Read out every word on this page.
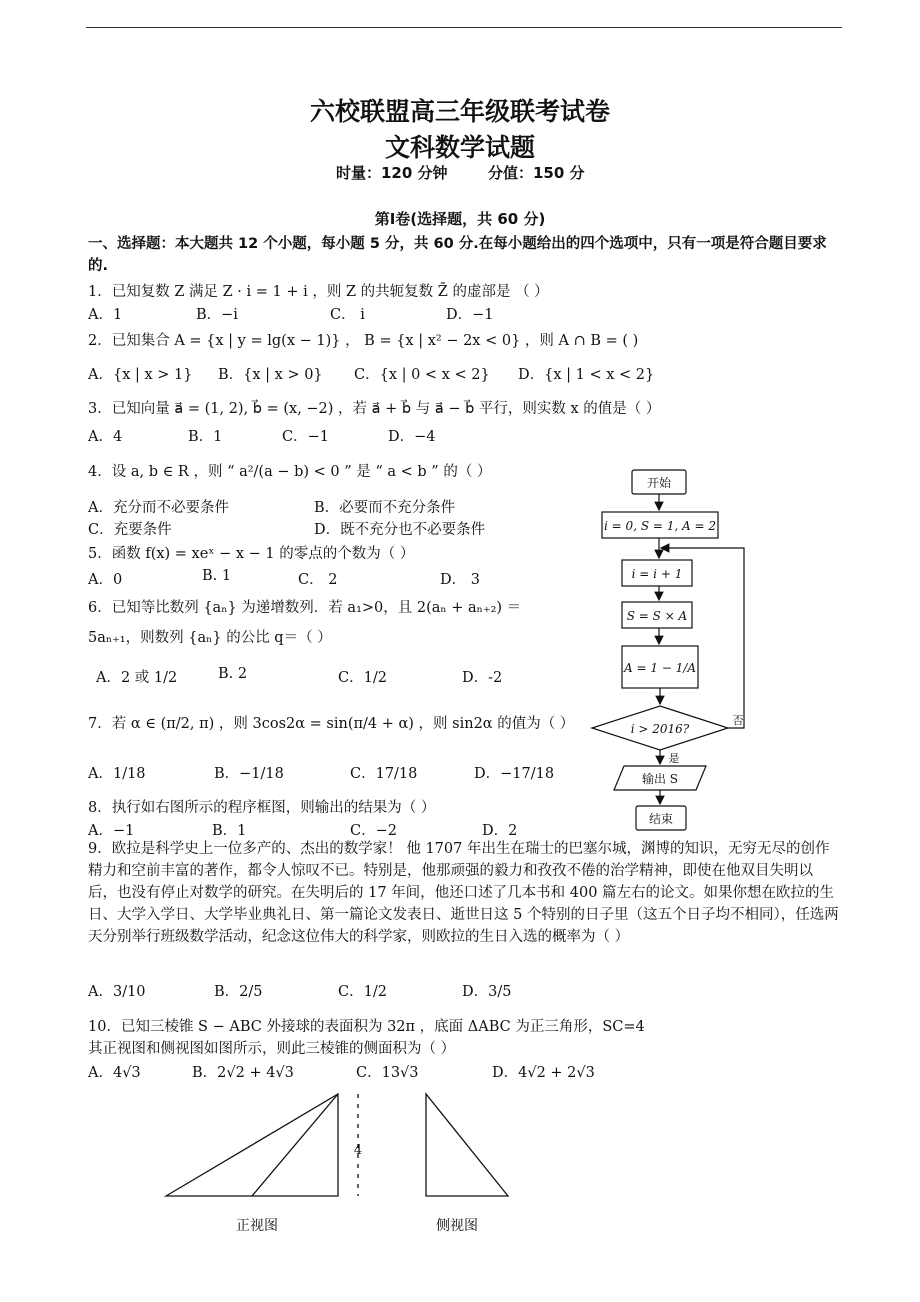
六校联盟高三年级联考试卷
文科数学试题
时量：120 分钟	分值：150 分
第Ⅰ卷(选择题，共 60 分)
一、选择题：本大题共 12 个小题，每小题 5 分，共 60 分.在每小题给出的四个选项中，只有一项是符合题目要求的.
1．已知复数 Z 满足 Z · i = 1 + i ，则 Z 的共轭复数 Z̄ 的虚部是 （ ）
A．1	B．−i	C． i	D．−1
2．已知集合 A = {x | y = lg(x − 1)} ， B = {x | x² − 2x < 0} ，则 A ∩ B = ( )
A．{x | x > 1} B．{x | x > 0} C．{x | 0 < x < 2} D．{x | 1 < x < 2}
3．已知向量 a⃗ = (1, 2), b⃗ = (x, −2) ，若 a⃗ + b⃗ 与 a⃗ − b⃗ 平行，则实数 x 的值是（ ）
A．4	B．1	C．−1	D．−4
4．设 a, b ∈ R ，则 “ a²/(a − b) < 0 ” 是 “ a < b ” 的（ ）
A．充分而不必要条件	B．必要而不充分条件
C．充要条件	D．既不充分也不必要条件
5．函数 f(x) = xeˣ − x − 1 的零点的个数为（ ）
A．0	B. 1	C． 2	D． 3
6．已知等比数列 {aₙ} 为递增数列．若 a₁>0，且 2(aₙ + aₙ₊₂) ＝
5aₙ₊₁，则数列 {aₙ} 的公比 q＝（ ）
A．2 或 1/2	B. 2	C．1/2	D．-2
7．若 α ∈ (π/2, π) ，则 3cos2α = sin(π/4 + α) ，则 sin2α 的值为（ ）
A．1/18	B．−1/18	C．17/18	D．−17/18
8．执行如右图所示的程序框图，则输出的结果为（ ）
A．−1	B．1	C．−2	D．2
9．欧拉是科学史上一位多产的、杰出的数学家！ 他 1707 年出生在瑞士的巴塞尔城，渊博的知识，无穷无尽的创作精力和空前丰富的著作，都令人惊叹不已。特别是，他那顽强的毅力和孜孜不倦的治学精神，即使在他双目失明以后，也没有停止对数学的研究。在失明后的 17 年间，他还口述了几本书和 400 篇左右的论文。如果你想在欧拉的生日、大学入学日、大学毕业典礼日、第一篇论文发表日、逝世日这 5 个特别的日子里（这五个日子均不相同），任选两天分别举行班级数学活动，纪念这位伟大的科学家，则欧拉的生日入选的概率为（ ）
A．3/10	B．2/5	C．1/2	D．3/5
10．已知三棱锥 S − ABC 外接球的表面积为 32π ，底面 ΔABC 为正三角形，SC=4
其正视图和侧视图如图所示，则此三棱锥的侧面积为（ ）
A．4√3	B．2√2 + 4√3	C．13√3	D．4√2 + 2√3
开始
i = 0, S = 1, A = 2
i = i + 1
S = S × A
A = 1 − 1/A
i > 2016?
否
是
输出 S
结束
4
正视图	侧视图
